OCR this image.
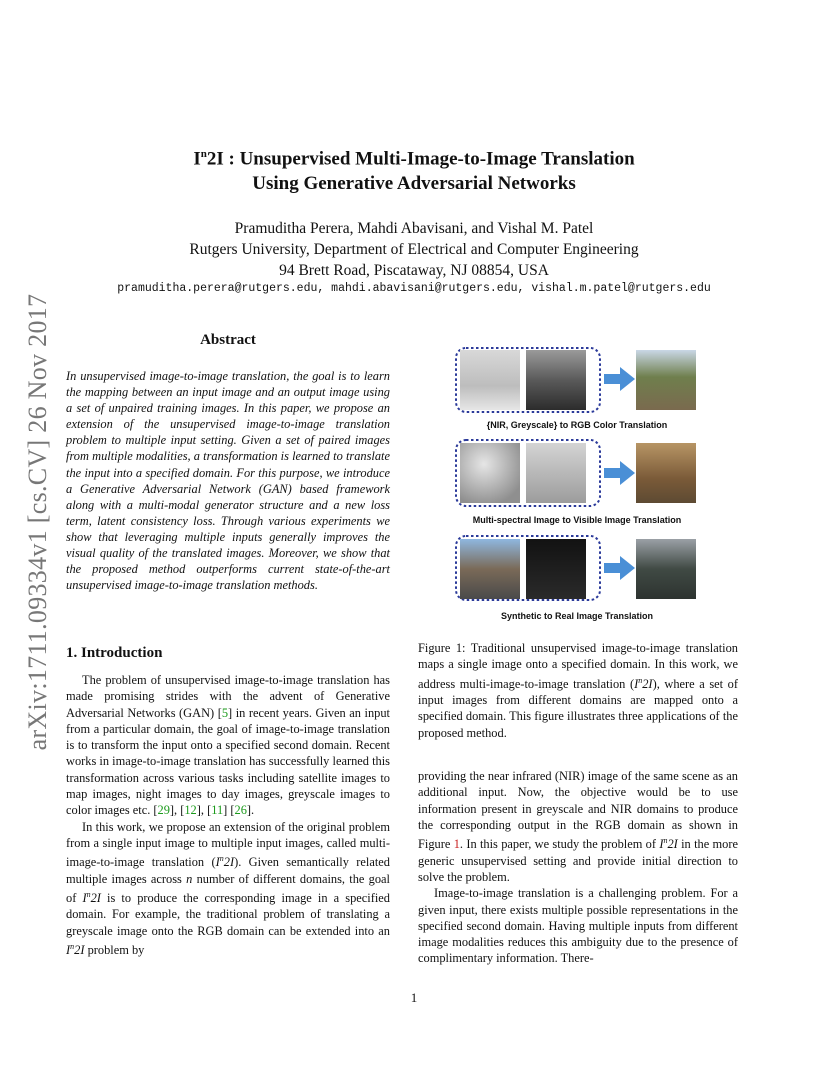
arXiv:1711.09334v1 [cs.CV] 26 Nov 2017
$I^n2I$ : Unsupervised Multi-Image-to-Image Translation
Using Generative Adversarial Networks
Pramuditha Perera, Mahdi Abavisani, and Vishal M. Patel
Rutgers University, Department of Electrical and Computer Engineering
94 Brett Road, Piscataway, NJ 08854, USA
pramuditha.perera@rutgers.edu, mahdi.abavisani@rutgers.edu, vishal.m.patel@rutgers.edu
Abstract
In unsupervised image-to-image translation, the goal is to learn the mapping between an input image and an output image using a set of unpaired training images. In this paper, we propose an extension of the unsupervised image-to-image translation problem to multiple input setting. Given a set of paired images from multiple modalities, a transformation is learned to translate the input into a specified domain. For this purpose, we introduce a Generative Adversarial Network (GAN) based framework along with a multi-modal generator structure and a new loss term, latent consistency loss. Through various experiments we show that leveraging multiple inputs generally improves the visual quality of the translated images. Moreover, we show that the proposed method outperforms current state-of-the-art unsupervised image-to-image translation methods.
{NIR, Greyscale} to RGB Color Translation
Multi-spectral Image to Visible Image Translation
Synthetic to Real Image Translation
Figure 1: Traditional unsupervised image-to-image translation maps a single image onto a specified domain. In this work, we address multi-image-to-image translation $(I^n2I)$, where a set of input images from different domains are mapped onto a specified domain. This figure illustrates three applications of the proposed method.
1. Introduction

The problem of unsupervised image-to-image translation has made promising strides with the advent of Generative Adversarial Networks (GAN) [5] in recent years. Given an input from a particular domain, the goal of image-to-image translation is to transform the input onto a specified second domain. Recent works in image-to-image translation has successfully learned this transformation across various tasks including satellite images to map images, night images to day images, greyscale images to color images etc. [29], [12], [11] [26].

In this work, we propose an extension of the original problem from a single input image to multiple input images, called multi-image-to-image translation $(I^n2I)$. Given semantically related multiple images across n number of different domains, the goal of $I^n2I$ is to produce the corresponding image in a specified domain. For example, the traditional problem of translating a greyscale image onto the RGB domain can be extended into an $I^n2I$ problem by

providing the near infrared (NIR) image of the same scene as an additional input. Now, the objective would be to use information present in greyscale and NIR domains to produce the corresponding output in the RGB domain as shown in Figure 1. In this paper, we study the problem of $I^n2I$ in the more generic unsupervised setting and provide initial direction to solve the problem.

Image-to-image translation is a challenging problem. For a given input, there exists multiple possible representations in the specified second domain. Having multiple inputs from different image modalities reduces this ambiguity due to the presence of complimentary information. There-

1
